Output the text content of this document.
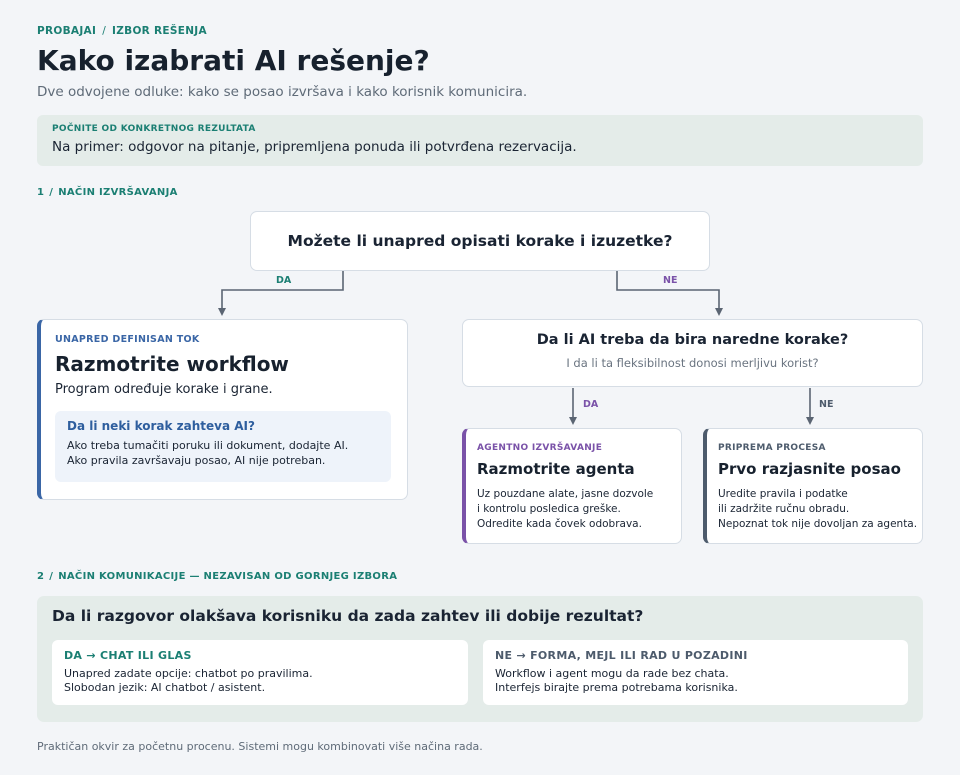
PROBAJAI / IZBOR REŠENJA
Kako izabrati AI rešenje?
Dve odvojene odluke: kako se posao izvršava i kako korisnik komunicira.
POČNITE OD KONKRETNOG REZULTATA
Na primer: odgovor na pitanje, pripremljena ponuda ili potvrđena rezervacija.
1 / NAČIN IZVRŠAVANJA
Možete li unapred opisati korake i izuzetke?
DA	NE
UNAPRED DEFINISAN TOK
Razmotrite workflow
Program određuje korake i grane.
Da li neki korak zahteva AI?
Ako treba tumačiti poruku ili dokument, dodajte AI.
Ako pravila završavaju posao, AI nije potreban.
Da li AI treba da bira naredne korake?
I da li ta fleksibilnost donosi merljivu korist?
DA	NE
AGENTNO IZVRŠAVANJE
Razmotrite agenta
Uz pouzdane alate, jasne dozvole
i kontrolu posledica greške.
Odredite kada čovek odobrava.
PRIPREMA PROCESA
Prvo razjasnite posao
Uredite pravila i podatke
ili zadržite ručnu obradu.
Nepoznat tok nije dovoljan za agenta.
2 / NAČIN KOMUNIKACIJE — NEZAVISAN OD GORNJEG IZBORA
Da li razgovor olakšava korisniku da zada zahtev ili dobije rezultat?
DA → CHAT ILI GLAS
Unapred zadate opcije: chatbot po pravilima.
Slobodan jezik: AI chatbot / asistent.
NE → FORMA, MEJL ILI RAD U POZADINI
Workflow i agent mogu da rade bez chata.
Interfejs birajte prema potrebama korisnika.
Praktičan okvir za početnu procenu. Sistemi mogu kombinovati više načina rada.
